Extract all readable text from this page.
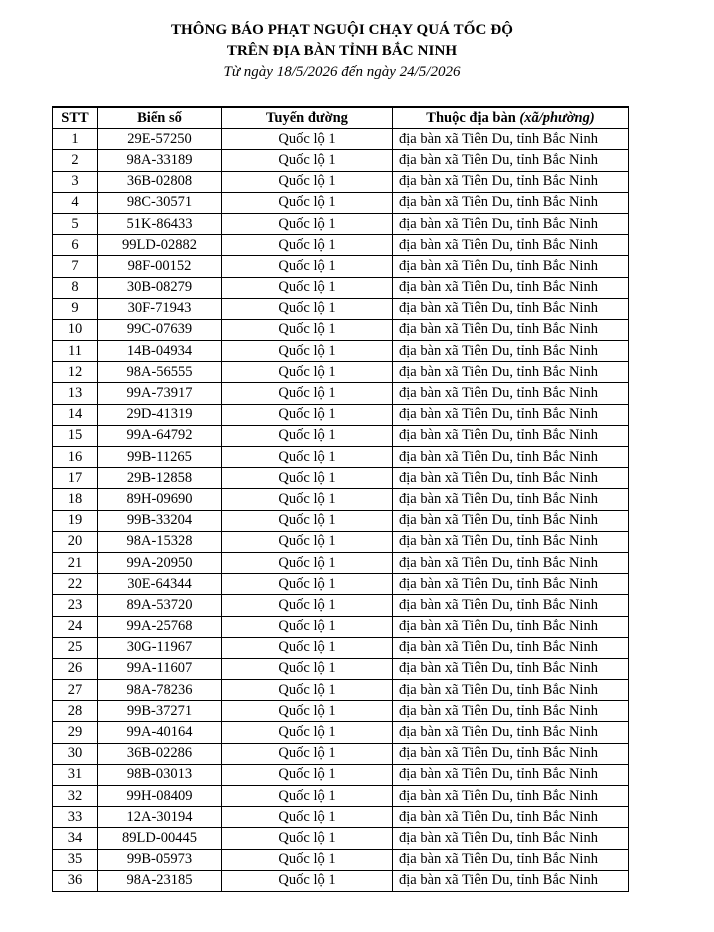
THÔNG BÁO PHẠT NGUỘI CHẠY QUÁ TỐC ĐỘ
TRÊN ĐỊA BÀN TỈNH BẮC NINH
Từ ngày 18/5/2026 đến ngày 24/5/2026
STT	Biển số	Tuyến đường	Thuộc địa bàn (xã/phường)
1	29E-57250	Quốc lộ 1	địa bàn xã Tiên Du, tỉnh Bắc Ninh
2	98A-33189	Quốc lộ 1	địa bàn xã Tiên Du, tỉnh Bắc Ninh
3	36B-02808	Quốc lộ 1	địa bàn xã Tiên Du, tỉnh Bắc Ninh
4	98C-30571	Quốc lộ 1	địa bàn xã Tiên Du, tỉnh Bắc Ninh
5	51K-86433	Quốc lộ 1	địa bàn xã Tiên Du, tỉnh Bắc Ninh
6	99LD-02882	Quốc lộ 1	địa bàn xã Tiên Du, tỉnh Bắc Ninh
7	98F-00152	Quốc lộ 1	địa bàn xã Tiên Du, tỉnh Bắc Ninh
8	30B-08279	Quốc lộ 1	địa bàn xã Tiên Du, tỉnh Bắc Ninh
9	30F-71943	Quốc lộ 1	địa bàn xã Tiên Du, tỉnh Bắc Ninh
10	99C-07639	Quốc lộ 1	địa bàn xã Tiên Du, tỉnh Bắc Ninh
11	14B-04934	Quốc lộ 1	địa bàn xã Tiên Du, tỉnh Bắc Ninh
12	98A-56555	Quốc lộ 1	địa bàn xã Tiên Du, tỉnh Bắc Ninh
13	99A-73917	Quốc lộ 1	địa bàn xã Tiên Du, tỉnh Bắc Ninh
14	29D-41319	Quốc lộ 1	địa bàn xã Tiên Du, tỉnh Bắc Ninh
15	99A-64792	Quốc lộ 1	địa bàn xã Tiên Du, tỉnh Bắc Ninh
16	99B-11265	Quốc lộ 1	địa bàn xã Tiên Du, tỉnh Bắc Ninh
17	29B-12858	Quốc lộ 1	địa bàn xã Tiên Du, tỉnh Bắc Ninh
18	89H-09690	Quốc lộ 1	địa bàn xã Tiên Du, tỉnh Bắc Ninh
19	99B-33204	Quốc lộ 1	địa bàn xã Tiên Du, tỉnh Bắc Ninh
20	98A-15328	Quốc lộ 1	địa bàn xã Tiên Du, tỉnh Bắc Ninh
21	99A-20950	Quốc lộ 1	địa bàn xã Tiên Du, tỉnh Bắc Ninh
22	30E-64344	Quốc lộ 1	địa bàn xã Tiên Du, tỉnh Bắc Ninh
23	89A-53720	Quốc lộ 1	địa bàn xã Tiên Du, tỉnh Bắc Ninh
24	99A-25768	Quốc lộ 1	địa bàn xã Tiên Du, tỉnh Bắc Ninh
25	30G-11967	Quốc lộ 1	địa bàn xã Tiên Du, tỉnh Bắc Ninh
26	99A-11607	Quốc lộ 1	địa bàn xã Tiên Du, tỉnh Bắc Ninh
27	98A-78236	Quốc lộ 1	địa bàn xã Tiên Du, tỉnh Bắc Ninh
28	99B-37271	Quốc lộ 1	địa bàn xã Tiên Du, tỉnh Bắc Ninh
29	99A-40164	Quốc lộ 1	địa bàn xã Tiên Du, tỉnh Bắc Ninh
30	36B-02286	Quốc lộ 1	địa bàn xã Tiên Du, tỉnh Bắc Ninh
31	98B-03013	Quốc lộ 1	địa bàn xã Tiên Du, tỉnh Bắc Ninh
32	99H-08409	Quốc lộ 1	địa bàn xã Tiên Du, tỉnh Bắc Ninh
33	12A-30194	Quốc lộ 1	địa bàn xã Tiên Du, tỉnh Bắc Ninh
34	89LD-00445	Quốc lộ 1	địa bàn xã Tiên Du, tỉnh Bắc Ninh
35	99B-05973	Quốc lộ 1	địa bàn xã Tiên Du, tỉnh Bắc Ninh
36	98A-23185	Quốc lộ 1	địa bàn xã Tiên Du, tỉnh Bắc Ninh
